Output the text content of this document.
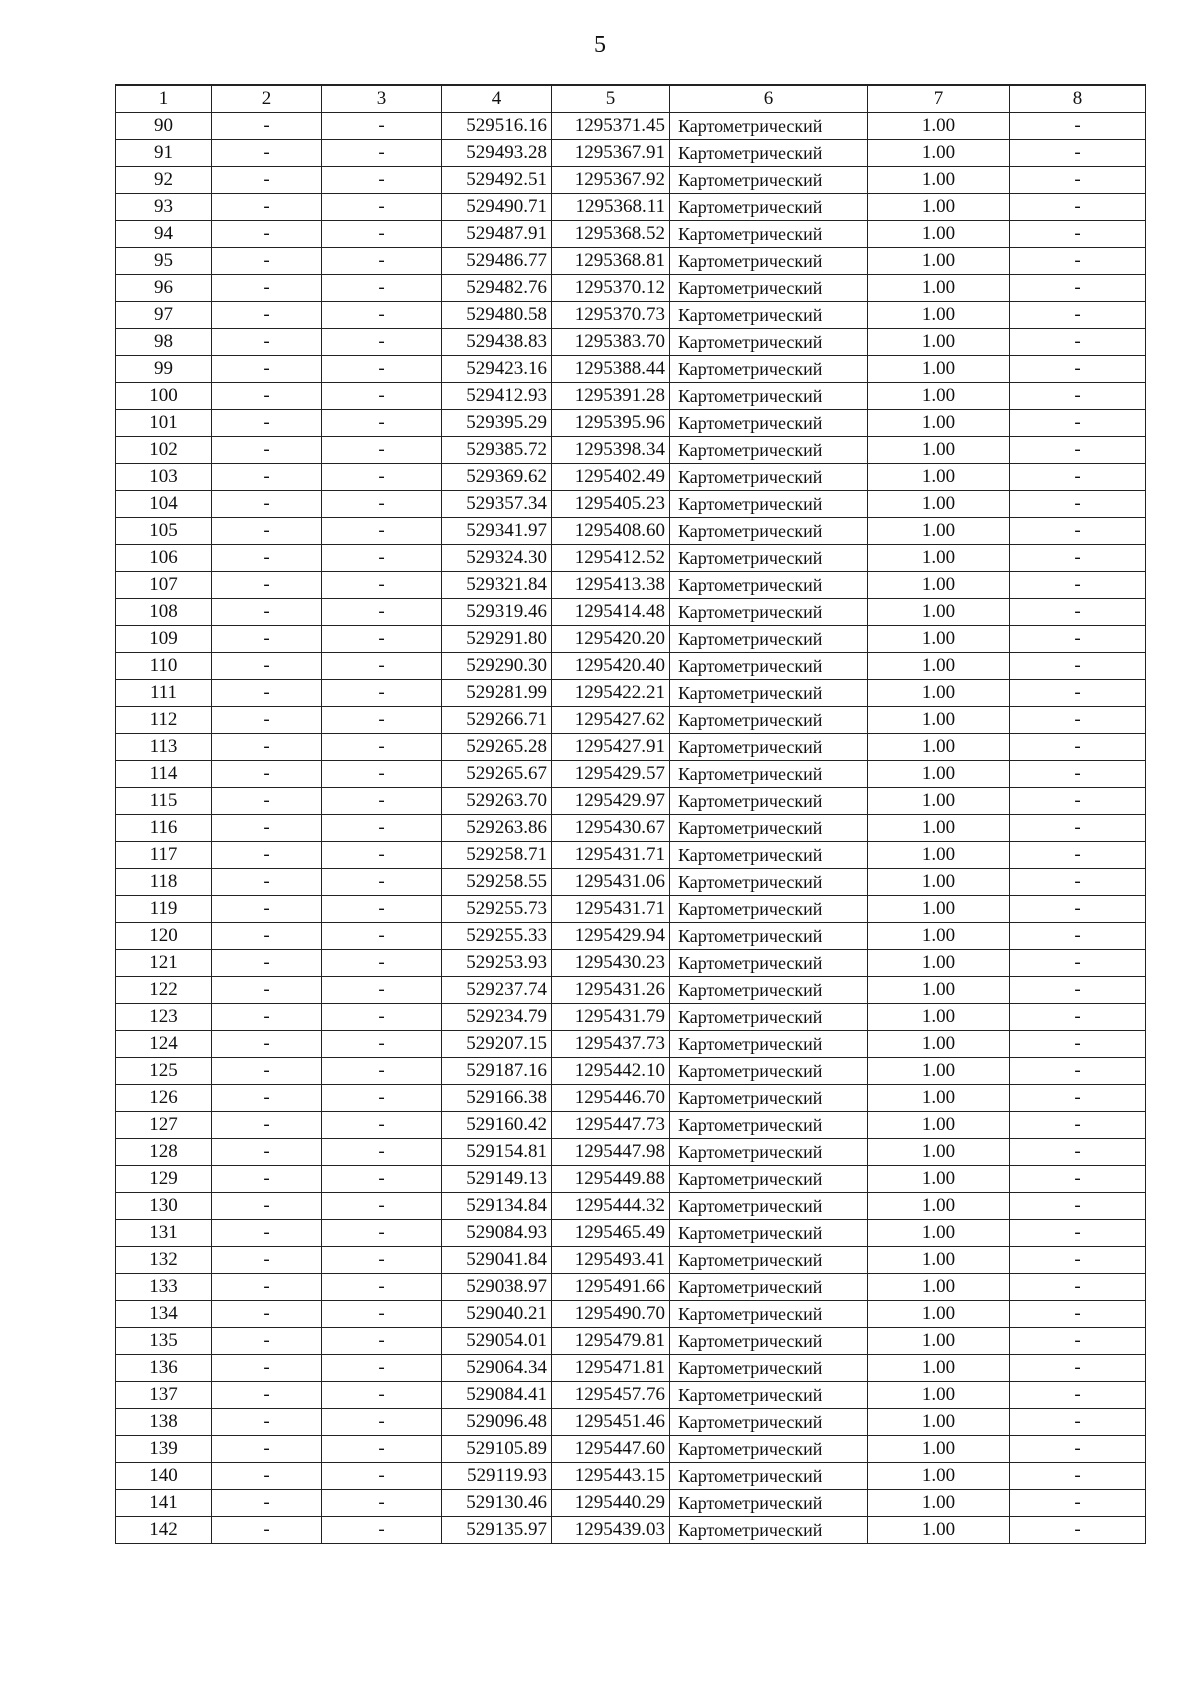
5
1	2	3	4	5	6	7	8
90	-	-	529516.16	1295371.45	Картометрический	1.00	-
91	-	-	529493.28	1295367.91	Картометрический	1.00	-
92	-	-	529492.51	1295367.92	Картометрический	1.00	-
93	-	-	529490.71	1295368.11	Картометрический	1.00	-
94	-	-	529487.91	1295368.52	Картометрический	1.00	-
95	-	-	529486.77	1295368.81	Картометрический	1.00	-
96	-	-	529482.76	1295370.12	Картометрический	1.00	-
97	-	-	529480.58	1295370.73	Картометрический	1.00	-
98	-	-	529438.83	1295383.70	Картометрический	1.00	-
99	-	-	529423.16	1295388.44	Картометрический	1.00	-
100	-	-	529412.93	1295391.28	Картометрический	1.00	-
101	-	-	529395.29	1295395.96	Картометрический	1.00	-
102	-	-	529385.72	1295398.34	Картометрический	1.00	-
103	-	-	529369.62	1295402.49	Картометрический	1.00	-
104	-	-	529357.34	1295405.23	Картометрический	1.00	-
105	-	-	529341.97	1295408.60	Картометрический	1.00	-
106	-	-	529324.30	1295412.52	Картометрический	1.00	-
107	-	-	529321.84	1295413.38	Картометрический	1.00	-
108	-	-	529319.46	1295414.48	Картометрический	1.00	-
109	-	-	529291.80	1295420.20	Картометрический	1.00	-
110	-	-	529290.30	1295420.40	Картометрический	1.00	-
111	-	-	529281.99	1295422.21	Картометрический	1.00	-
112	-	-	529266.71	1295427.62	Картометрический	1.00	-
113	-	-	529265.28	1295427.91	Картометрический	1.00	-
114	-	-	529265.67	1295429.57	Картометрический	1.00	-
115	-	-	529263.70	1295429.97	Картометрический	1.00	-
116	-	-	529263.86	1295430.67	Картометрический	1.00	-
117	-	-	529258.71	1295431.71	Картометрический	1.00	-
118	-	-	529258.55	1295431.06	Картометрический	1.00	-
119	-	-	529255.73	1295431.71	Картометрический	1.00	-
120	-	-	529255.33	1295429.94	Картометрический	1.00	-
121	-	-	529253.93	1295430.23	Картометрический	1.00	-
122	-	-	529237.74	1295431.26	Картометрический	1.00	-
123	-	-	529234.79	1295431.79	Картометрический	1.00	-
124	-	-	529207.15	1295437.73	Картометрический	1.00	-
125	-	-	529187.16	1295442.10	Картометрический	1.00	-
126	-	-	529166.38	1295446.70	Картометрический	1.00	-
127	-	-	529160.42	1295447.73	Картометрический	1.00	-
128	-	-	529154.81	1295447.98	Картометрический	1.00	-
129	-	-	529149.13	1295449.88	Картометрический	1.00	-
130	-	-	529134.84	1295444.32	Картометрический	1.00	-
131	-	-	529084.93	1295465.49	Картометрический	1.00	-
132	-	-	529041.84	1295493.41	Картометрический	1.00	-
133	-	-	529038.97	1295491.66	Картометрический	1.00	-
134	-	-	529040.21	1295490.70	Картометрический	1.00	-
135	-	-	529054.01	1295479.81	Картометрический	1.00	-
136	-	-	529064.34	1295471.81	Картометрический	1.00	-
137	-	-	529084.41	1295457.76	Картометрический	1.00	-
138	-	-	529096.48	1295451.46	Картометрический	1.00	-
139	-	-	529105.89	1295447.60	Картометрический	1.00	-
140	-	-	529119.93	1295443.15	Картометрический	1.00	-
141	-	-	529130.46	1295440.29	Картометрический	1.00	-
142	-	-	529135.97	1295439.03	Картометрический	1.00	-
